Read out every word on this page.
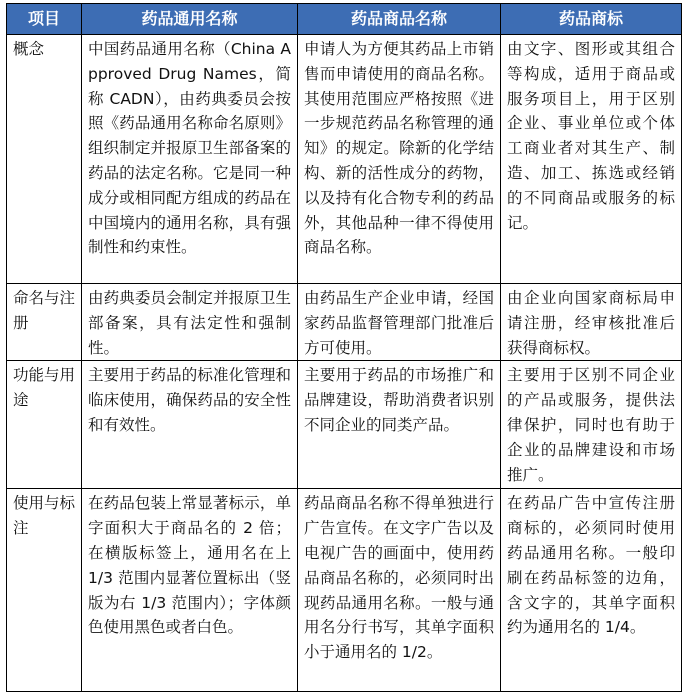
项目	药品通用名称	药品商品名称	药品商标
概念	中国药品通用名称（China Approved Drug Names，简称 CADN），由药典委员会按照《药品通用名称命名原则》组织制定并报原卫生部备案的药品的法定名称。它是同一种成分或相同配方组成的药品在中国境内的通用名称，具有强制性和约束性。	申请人为方便其药品上市销售而申请使用的商品名称。其使用范围应严格按照《进一步规范药品名称管理的通知》的规定。除新的化学结构、新的活性成分的药物，以及持有化合物专利的药品外，其他品种一律不得使用商品名称。	由文字、图形或其组合等构成，适用于商品或服务项目上，用于区别企业、事业单位或个体工商业者对其生产、制造、加工、拣选或经销的不同商品或服务的标记。
命名与注册	由药典委员会制定并报原卫生部备案，具有法定性和强制性。	由药品生产企业申请，经国家药品监督管理部门批准后方可使用。	由企业向国家商标局申请注册，经审核批准后获得商标权。
功能与用途	主要用于药品的标准化管理和临床使用，确保药品的安全性和有效性。	主要用于药品的市场推广和品牌建设，帮助消费者识别不同企业的同类产品。	主要用于区别不同企业的产品或服务，提供法律保护，同时也有助于企业的品牌建设和市场推广。
使用与标注	在药品包装上常显著标示，单字面积大于商品名的 2 倍；在横版标签上，通用名在上 1/3 范围内显著位置标出（竖版为右 1/3 范围内）；字体颜色使用黑色或者白色。	药品商品名称不得单独进行广告宣传。在文字广告以及电视广告的画面中，使用药品商品名称的，必须同时出现药品通用名称。一般与通用名分行书写，其单字面积小于通用名的 1/2。	在药品广告中宣传注册商标的，必须同时使用药品通用名称。一般印刷在药品标签的边角，含文字的，其单字面积约为通用名的 1/4。
